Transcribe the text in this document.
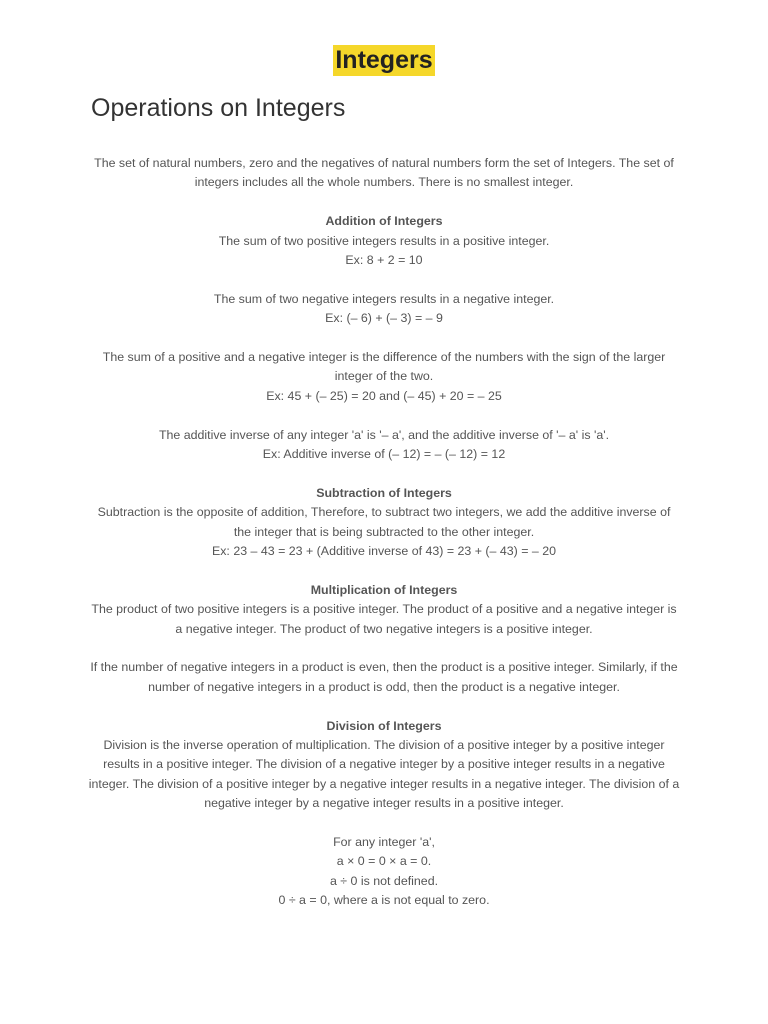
Integers
Operations on Integers

The set of natural numbers, zero and the negatives of natural numbers form the set of Integers. The set of integers includes all the whole numbers. There is no smallest integer.

Addition of Integers
The sum of two positive integers results in a positive integer.
Ex: 8 + 2 = 10

The sum of two negative integers results in a negative integer.
Ex: (– 6) + (– 3) = – 9

The sum of a positive and a negative integer is the difference of the numbers with the sign of the larger integer of the two.
Ex: 45 + (– 25) = 20 and (– 45) + 20 = – 25

The additive inverse of any integer 'a' is '– a', and the additive inverse of '– a' is 'a'.
Ex: Additive inverse of (– 12) = – (– 12) = 12

Subtraction of Integers
Subtraction is the opposite of addition, Therefore, to subtract two integers, we add the additive inverse of the integer that is being subtracted to the other integer.
Ex: 23 – 43 = 23 + (Additive inverse of 43) = 23 + (– 43) = – 20

Multiplication of Integers
The product of two positive integers is a positive integer. The product of a positive and a negative integer is a negative integer. The product of two negative integers is a positive integer.

If the number of negative integers in a product is even, then the product is a positive integer. Similarly, if the number of negative integers in a product is odd, then the product is a negative integer.

Division of Integers
Division is the inverse operation of multiplication. The division of a positive integer by a positive integer results in a positive integer. The division of a negative integer by a positive integer results in a negative integer. The division of a positive integer by a negative integer results in a negative integer. The division of a negative integer by a negative integer results in a positive integer.

For any integer 'a',
a × 0 = 0 × a = 0.
a ÷ 0 is not defined.
0 ÷ a = 0, where a is not equal to zero.
